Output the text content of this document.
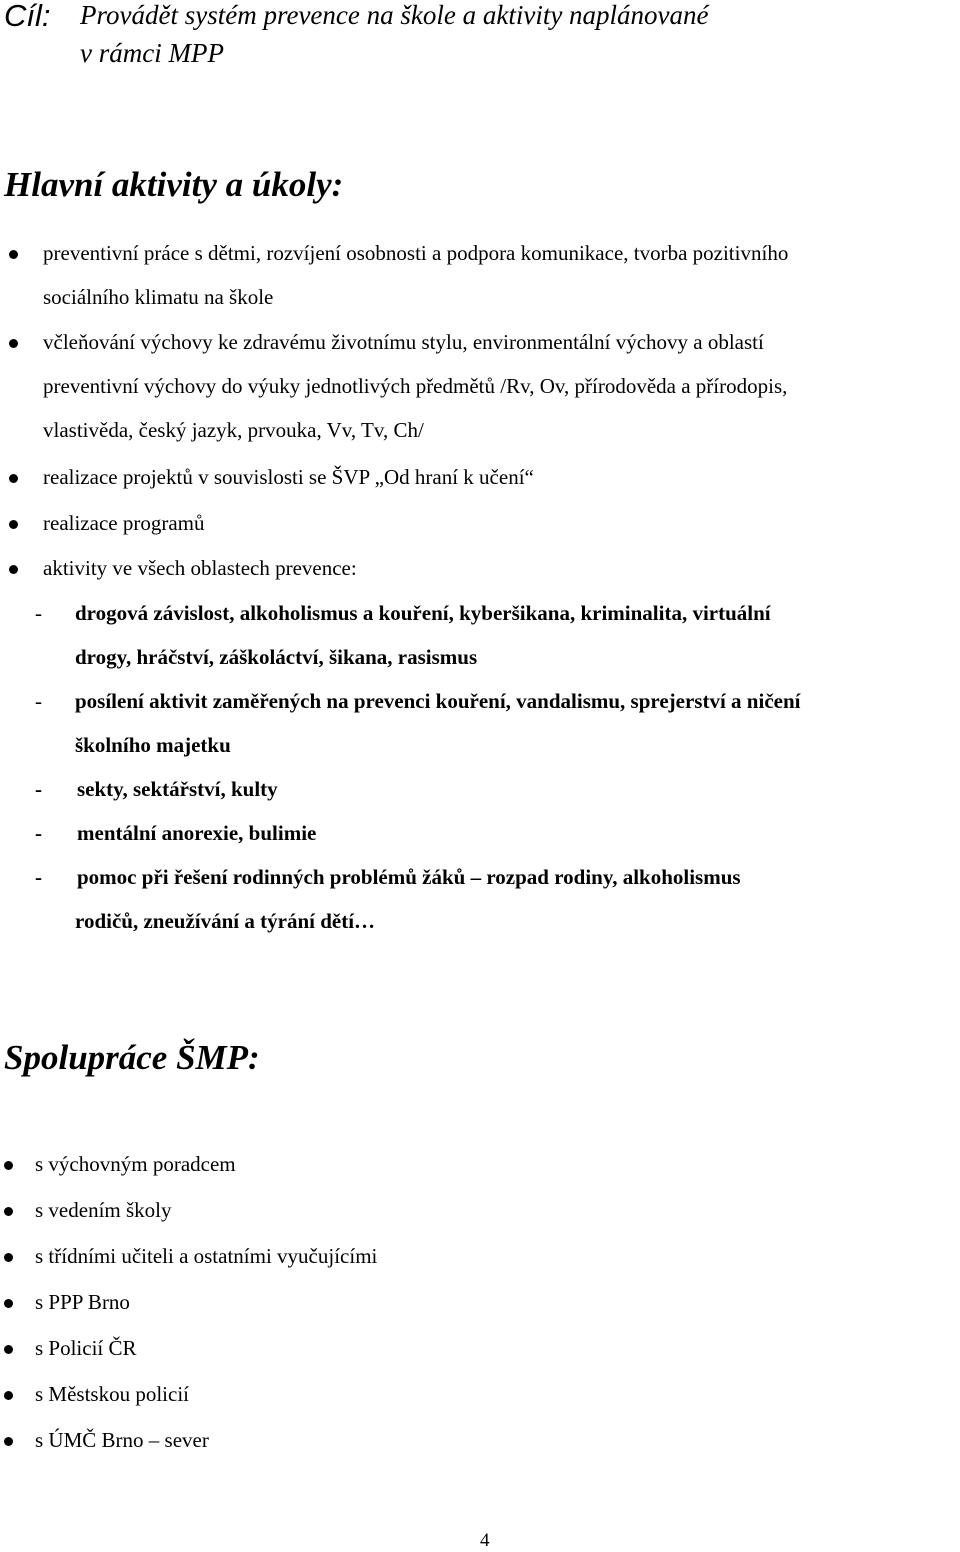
Cíl: Provádět systém prevence na škole a aktivity naplánované
v rámci MPP
Hlavní aktivity a úkoly:
preventivní práce s dětmi, rozvíjení osobnosti a podpora komunikace, tvorba pozitivního
sociálního klimatu na škole
včleňování výchovy ke zdravému životnímu stylu, environmentální výchovy a oblastí
preventivní výchovy do výuky jednotlivých předmětů /Rv, Ov, přírodověda a přírodopis,
vlastivěda, český jazyk, prvouka, Vv, Tv, Ch/
realizace projektů v souvislosti se ŠVP „Od hraní k učení“
realizace programů
aktivity ve všech oblastech prevence:
- drogová závislost, alkoholismus a kouření, kyberšikana, kriminalita, virtuální
drogy, hráčství, záškoláctví, šikana, rasismus
- posílení aktivit zaměřených na prevenci kouření, vandalismu, sprejerství a ničení
školního majetku
- sekty, sektářství, kulty
- mentální anorexie, bulimie
- pomoc při řešení rodinných problémů žáků – rozpad rodiny, alkoholismus
rodičů, zneužívání a týrání dětí…
Spolupráce ŠMP:
s výchovným poradcem
s vedením školy
s třídními učiteli a ostatními vyučujícími
s PPP Brno
s Policií ČR
s Městskou policií
s ÚMČ Brno – sever
4
